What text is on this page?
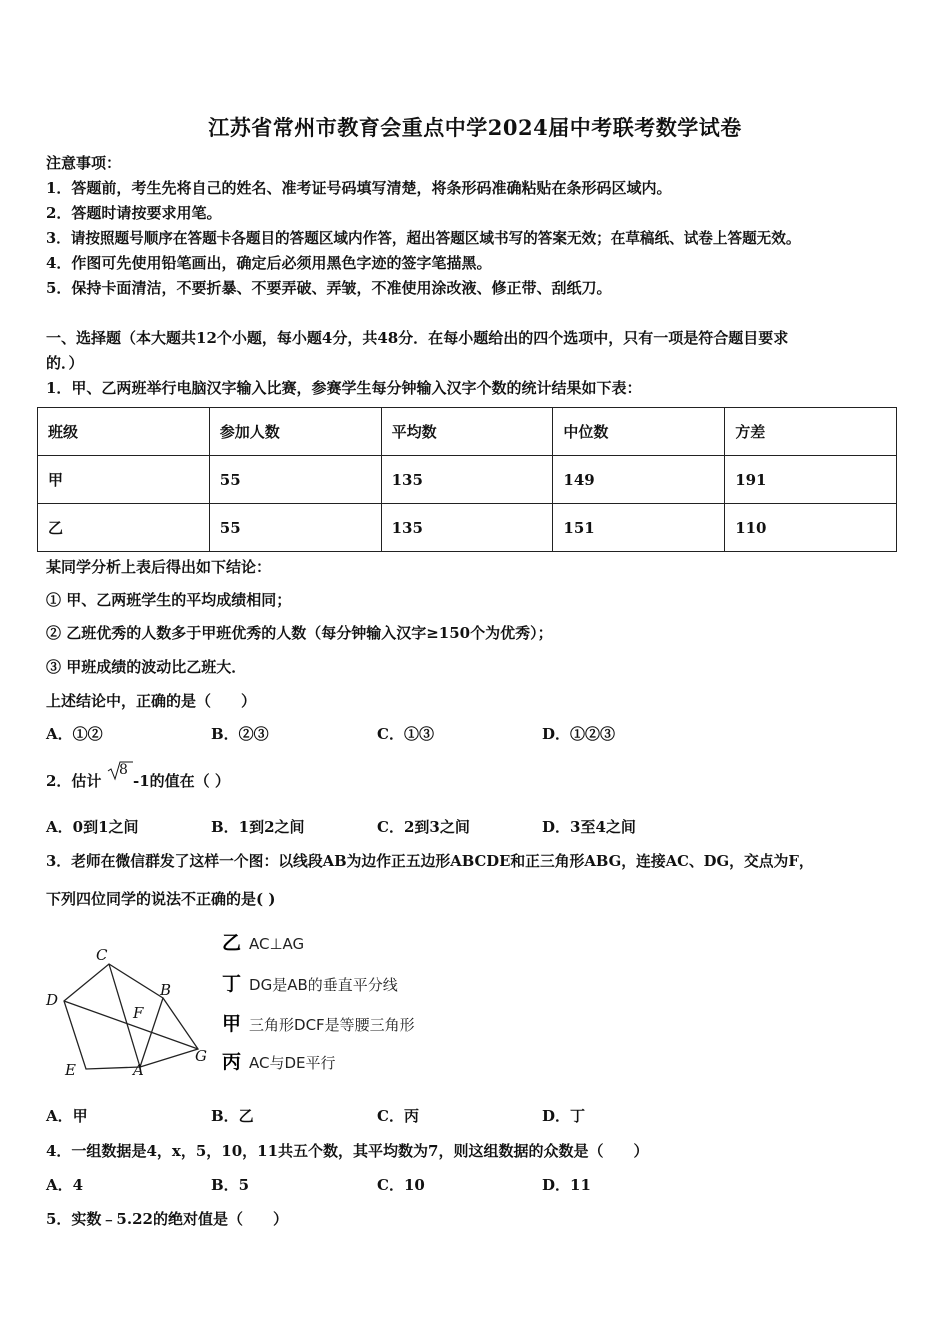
江苏省常州市教育会重点中学2024届中考联考数学试卷
注意事项：
1．答题前，考生先将自己的姓名、准考证号码填写清楚，将条形码准确粘贴在条形码区域内。
2．答题时请按要求用笔。
3．请按照题号顺序在答题卡各题目的答题区域内作答，超出答题区域书写的答案无效；在草稿纸、试卷上答题无效。
4．作图可先使用铅笔画出，确定后必须用黑色字迹的签字笔描黑。
5．保持卡面清洁，不要折暴、不要弄破、弄皱，不准使用涂改液、修正带、刮纸刀。
一、选择题（本大题共12个小题，每小题4分，共48分．在每小题给出的四个选项中，只有一项是符合题目要求
的．）
1．甲、乙两班举行电脑汉字输入比赛，参赛学生每分钟输入汉字个数的统计结果如下表：
班级	参加人数	平均数	中位数	方差
甲	55	135	149	191
乙	55	135	151	110
某同学分析上表后得出如下结论：
① 甲、乙两班学生的平均成绩相同；
② 乙班优秀的人数多于甲班优秀的人数（每分钟输入汉字≥150个为优秀）；
③ 甲班成绩的波动比乙班大．
上述结论中，正确的是（　　）
A．①②	B．②③	C．①③	D．①②③
2．估计
8
-1的值在（ ）
A．0到1之间	B．1到2之间	C．2到3之间	D．3至4之间
3．老师在微信群发了这样一个图：以线段AB为边作正五边形ABCDE和正三角形ABG，连接AC、DG，交点为F，
下列四位同学的说法不正确的是( )
C
B
D
F
G
E	A
乙 AC⊥AG
丁 DG是AB的垂直平分线
甲 三角形DCF是等腰三角形
丙 AC与DE平行
A．甲	B．乙	C．丙	D．丁
4．一组数据是4，x，5，10，11共五个数，其平均数为7，则这组数据的众数是（　　）
A．4	B．5	C．10	D．11
5．实数﹣5.22的绝对值是（　　）
